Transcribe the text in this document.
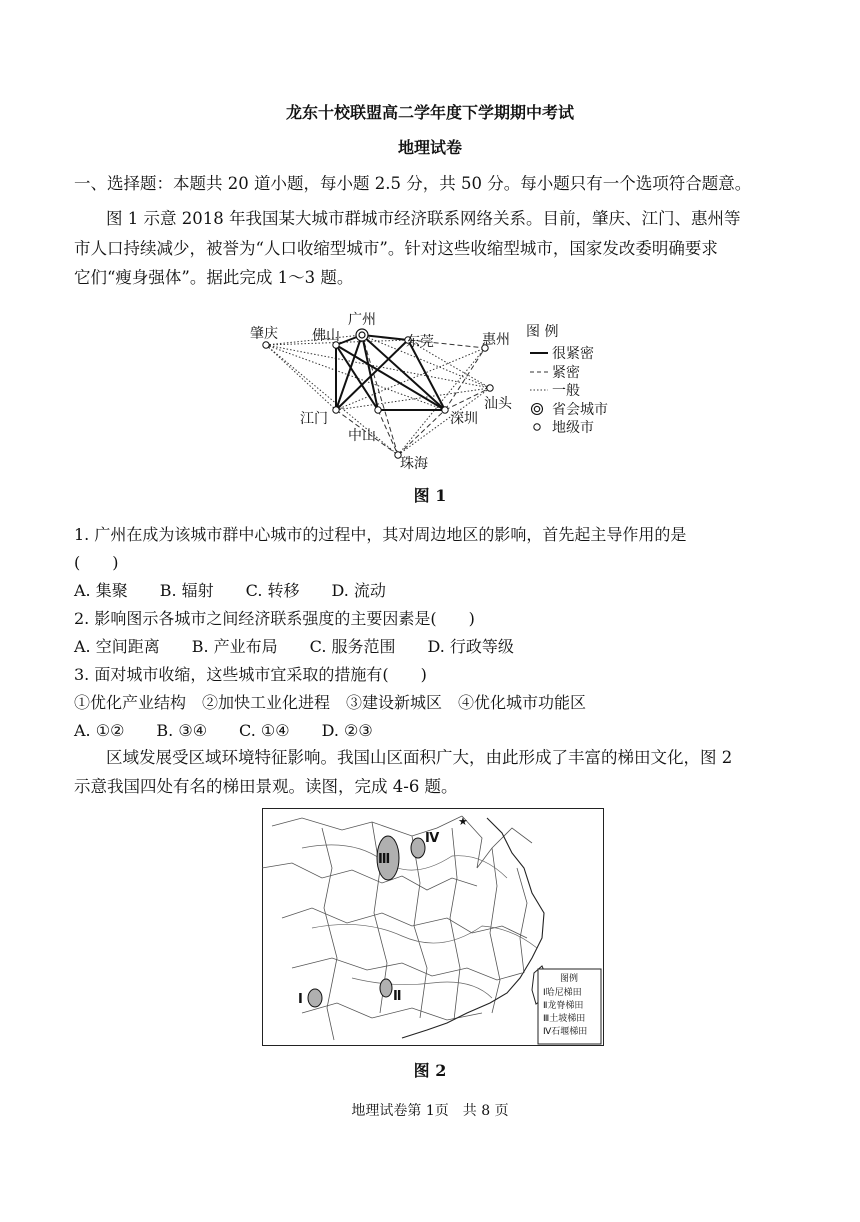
龙东十校联盟高二学年度下学期期中考试
地理试卷
一、选择题：本题共 20 道小题，每小题 2.5 分，共 50 分。每小题只有一个选项符合题意。
图 1 示意 2018 年我国某大城市群城市经济联系网络关系。目前，肇庆、江门、惠州等
市人口持续减少，被誉为“人口收缩型城市”。针对这些收缩型城市，国家发改委明确要求
它们“瘦身强体”。据此完成 1～3 题。
肇庆 佛山
广州
东莞	惠州
汕头
江门
中山
深圳
珠海
图 例
很紧密
紧密
一般
省会城市
地级市
图 1
1. 广州在成为该城市群中心城市的过程中，其对周边地区的影响，首先起主导作用的是
(　　)
A. 集聚　　B. 辐射　　C. 转移　　D. 流动
2. 影响图示各城市之间经济联系强度的主要因素是(　　)
A. 空间距离　　B. 产业布局　　C. 服务范围　　D. 行政等级
3. 面对城市收缩，这些城市宜采取的措施有(　　)
①优化产业结构　②加快工业化进程　③建设新城区　④优化城市功能区
A. ①②　　B. ③④　　C. ①④　　D. ②③
区域发展受区域环境特征影响。我国山区面积广大，由此形成了丰富的梯田文化，图 2
示意我国四处有名的梯田景观。读图，完成 4-6 题。
★
Ⅲ
Ⅳ
Ⅰ	Ⅱ
图例
Ⅰ哈尼梯田
Ⅱ龙脊梯田
Ⅲ土坡梯田
Ⅳ石堰梯田
图 2
地理试卷第 1页　共 8 页
